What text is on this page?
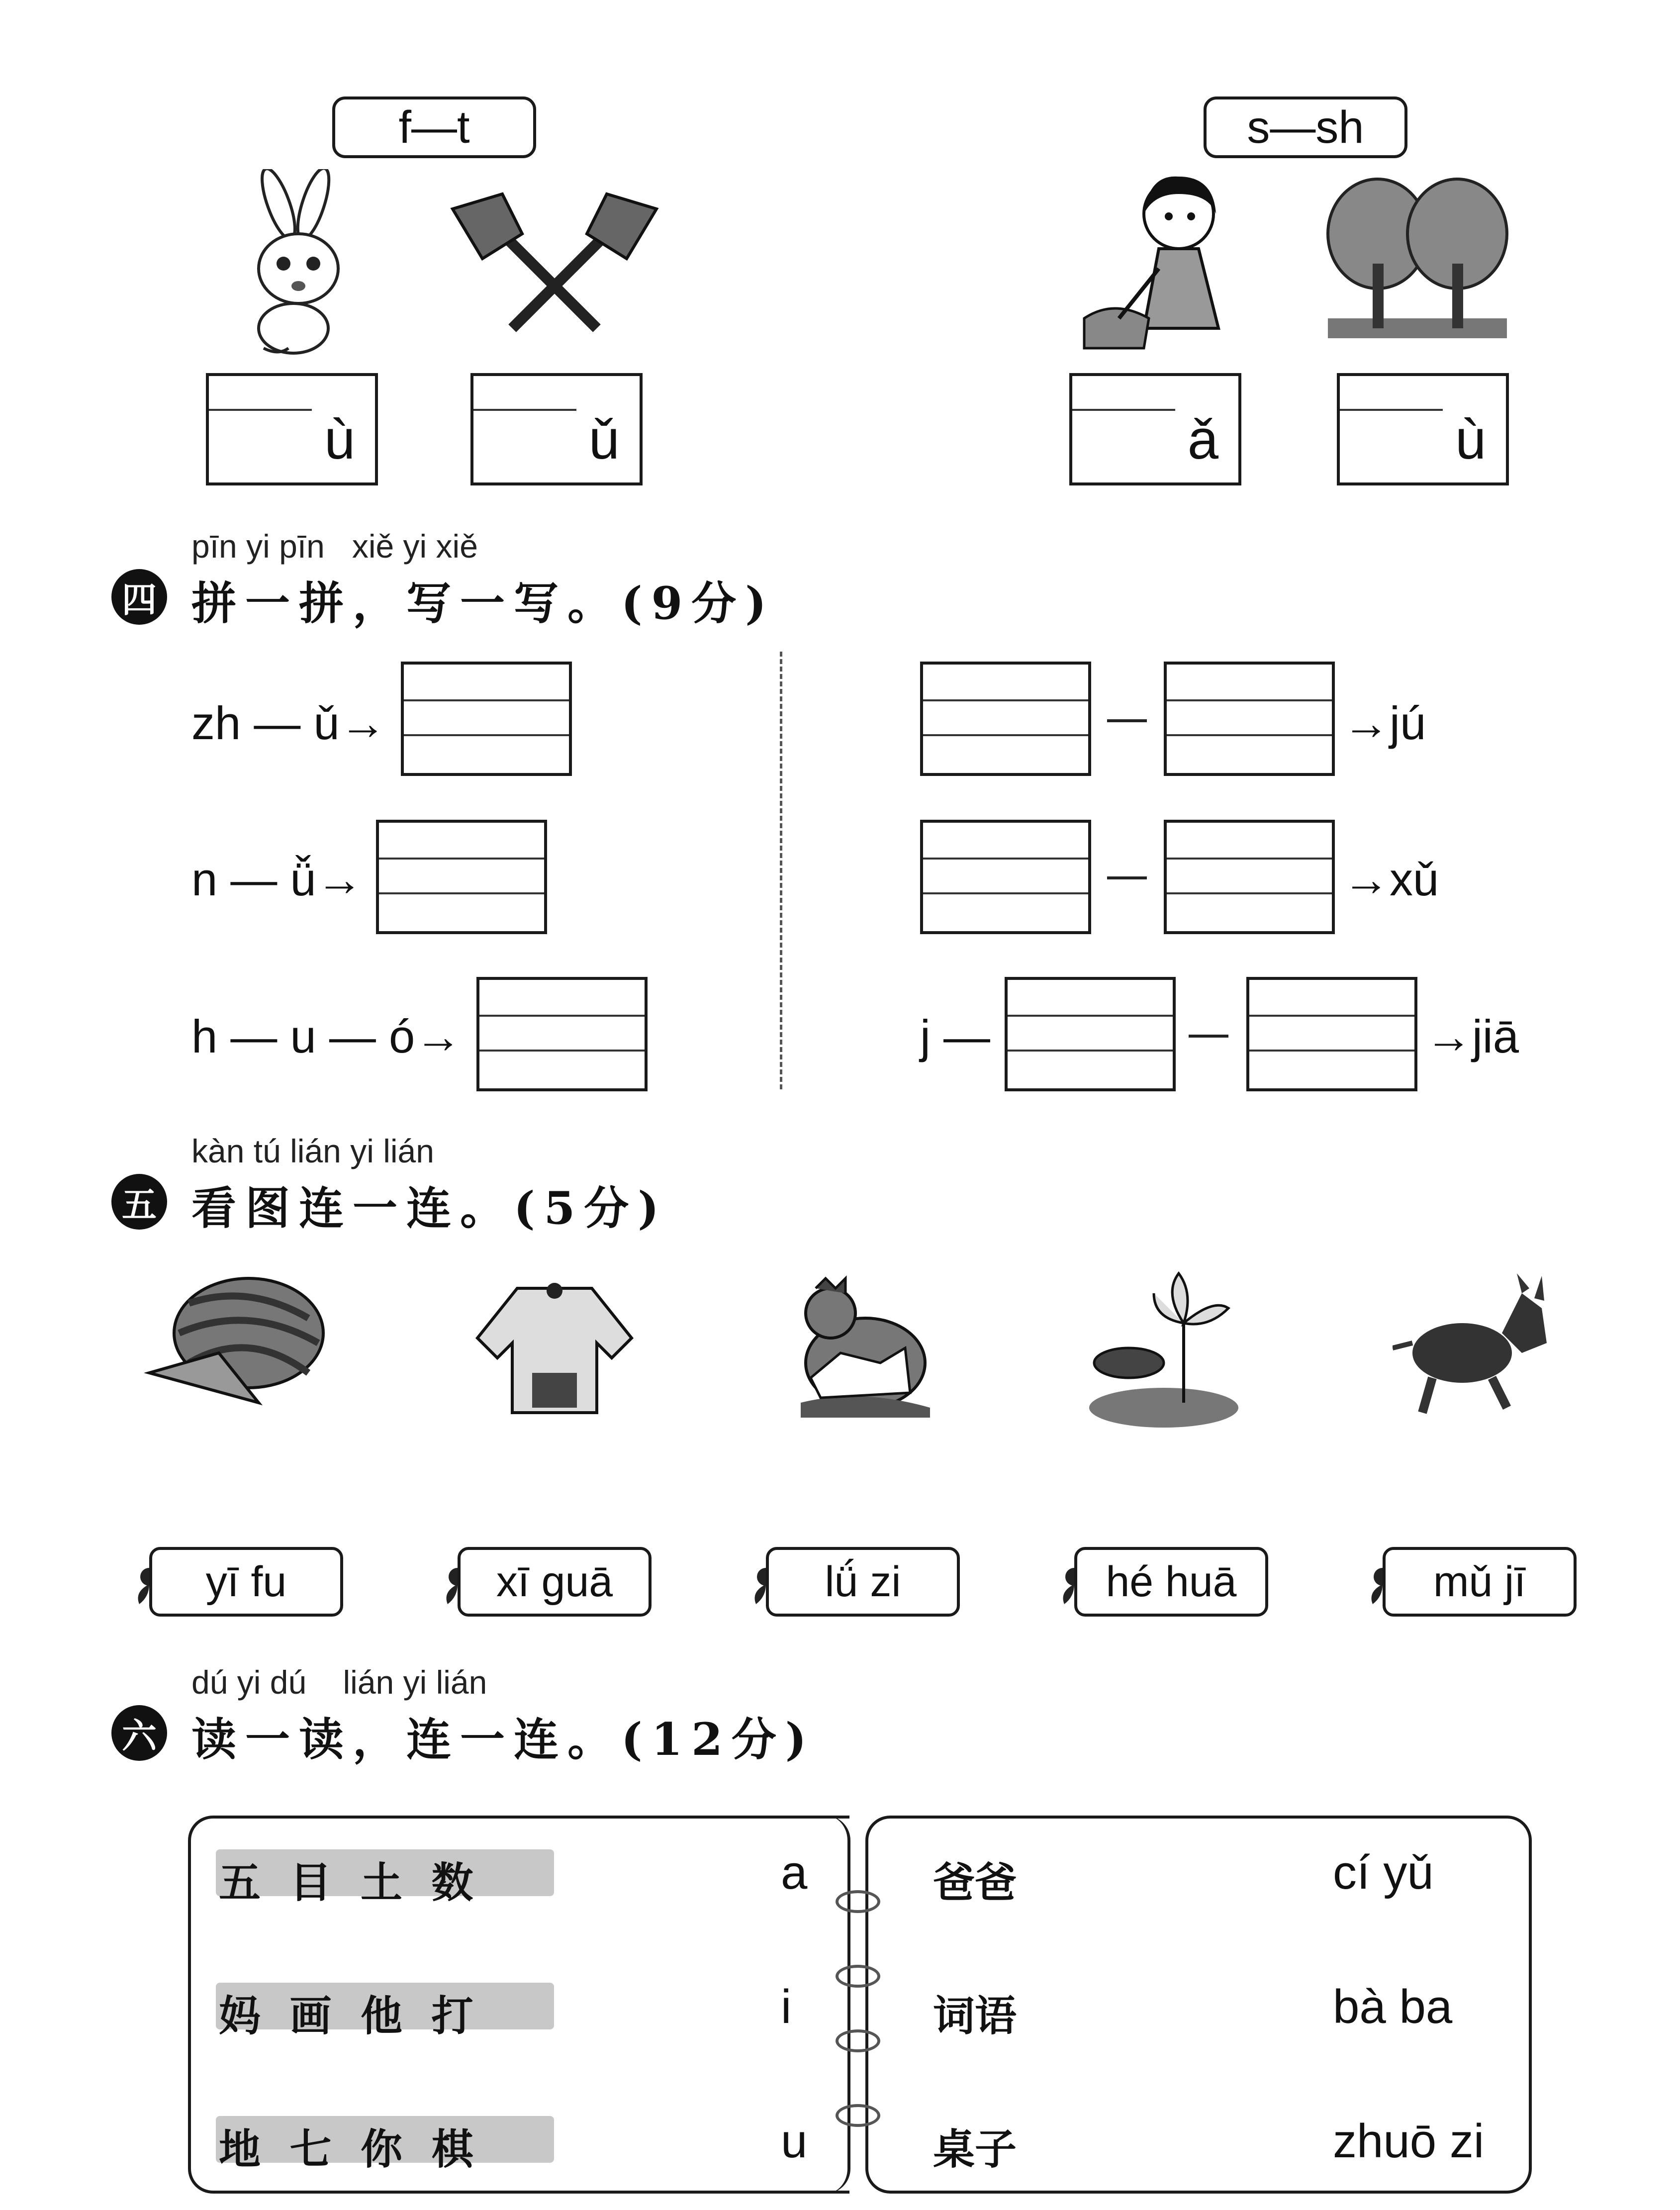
f—t	s—sh
ù	ǔ	ǎ	ù
pīn yi pīn   xiě yi xiě
四 拼一拼，写一写。(9分)
zh — ǔ→
n — ǚ→
h — u — ó→
→jú
→xǔ
j —	→jiā
kàn tú lián yi lián
五 看图连一连。(5分)
yī fu	xī guā	lǘ zi	hé huā	mǔ jī
dú yi dú    lián yi lián
六 读一读，连一连。(12分)
五  目  土  数	a
妈  画  他  打	i
地  七  你  棋	u
爸爸	cí yǔ
词语	bà ba
桌子	zhuō zi
